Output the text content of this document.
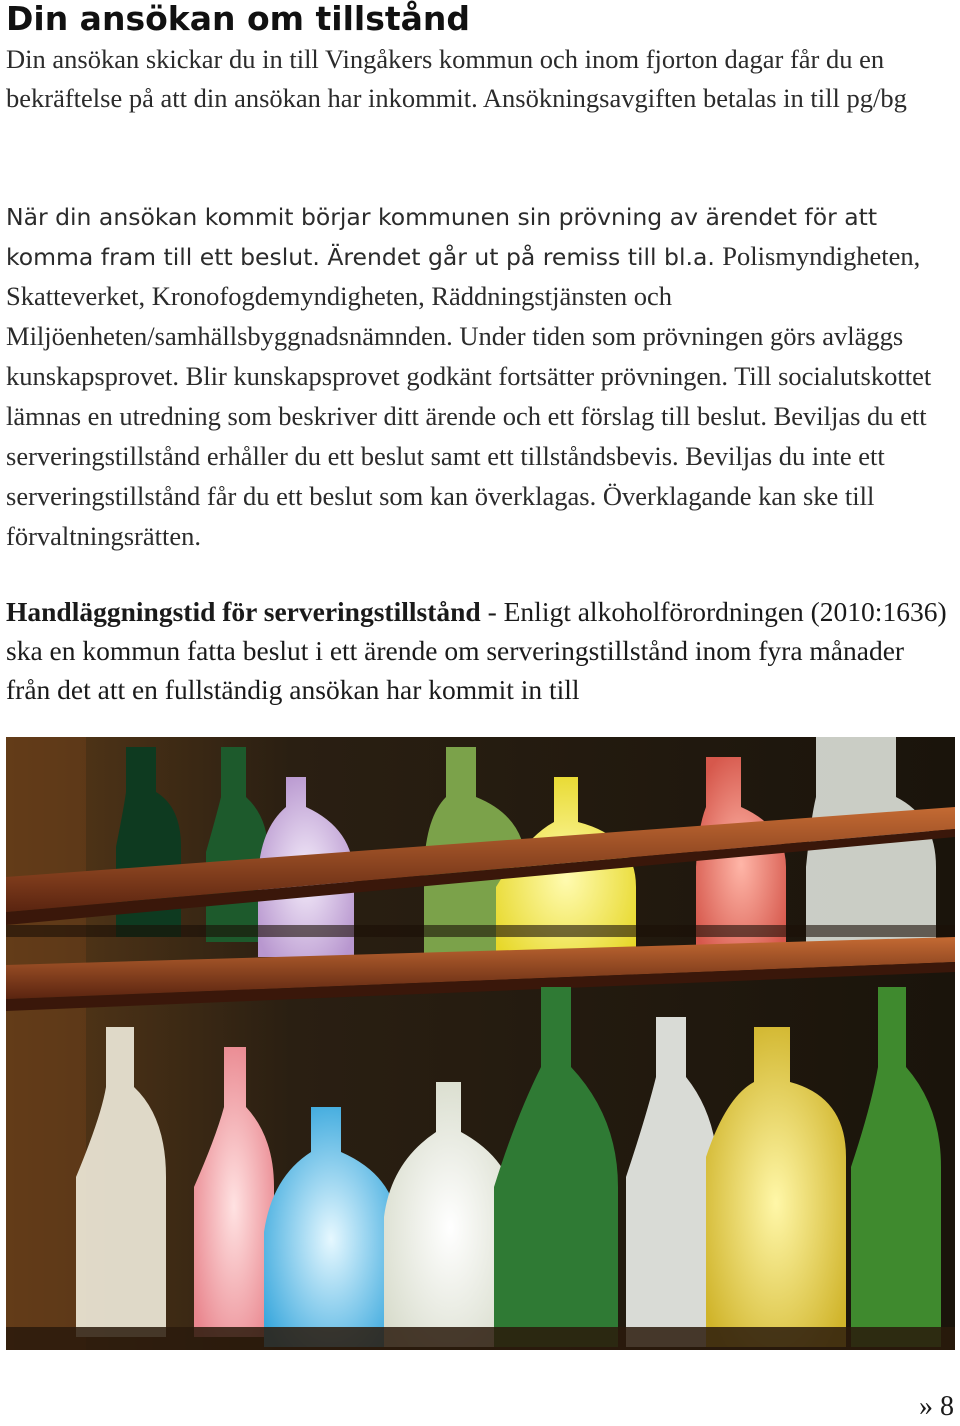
Din ansökan om tillstånd

Din ansökan skickar du in till Vingåkers kommun och inom fjorton dagar får du en bekräftelse på att din ansökan har inkommit. Ansökningsavgiften betalas in till pg/bg

När din ansökan kommit börjar kommunen sin prövning av ärendet för att komma fram till ett beslut. Ärendet går ut på remiss till bl.a. Polismyndigheten, Skatteverket, Kronofogdemyndigheten, Räddningstjänsten och Miljöenheten/samhällsbyggnadsnämnden. Under tiden som prövningen görs avläggs kunskapsprovet. Blir kunskapsprovet godkänt fortsätter prövningen. Till socialutskottet lämnas en utredning som beskriver ditt ärende och ett förslag till beslut. Beviljas du ett serveringstillstånd erhåller du ett beslut samt ett tillståndsbevis. Beviljas du inte ett serveringstillstånd får du ett beslut som kan överklagas. Överklagande kan ske till förvaltningsrätten.

Handläggningstid för serveringstillstånd - Enligt alkoholförordningen (2010:1636) ska en kommun fatta beslut i ett ärende om serveringstillstånd inom fyra månader från det att en fullständig ansökan har kommit in till

» 8
